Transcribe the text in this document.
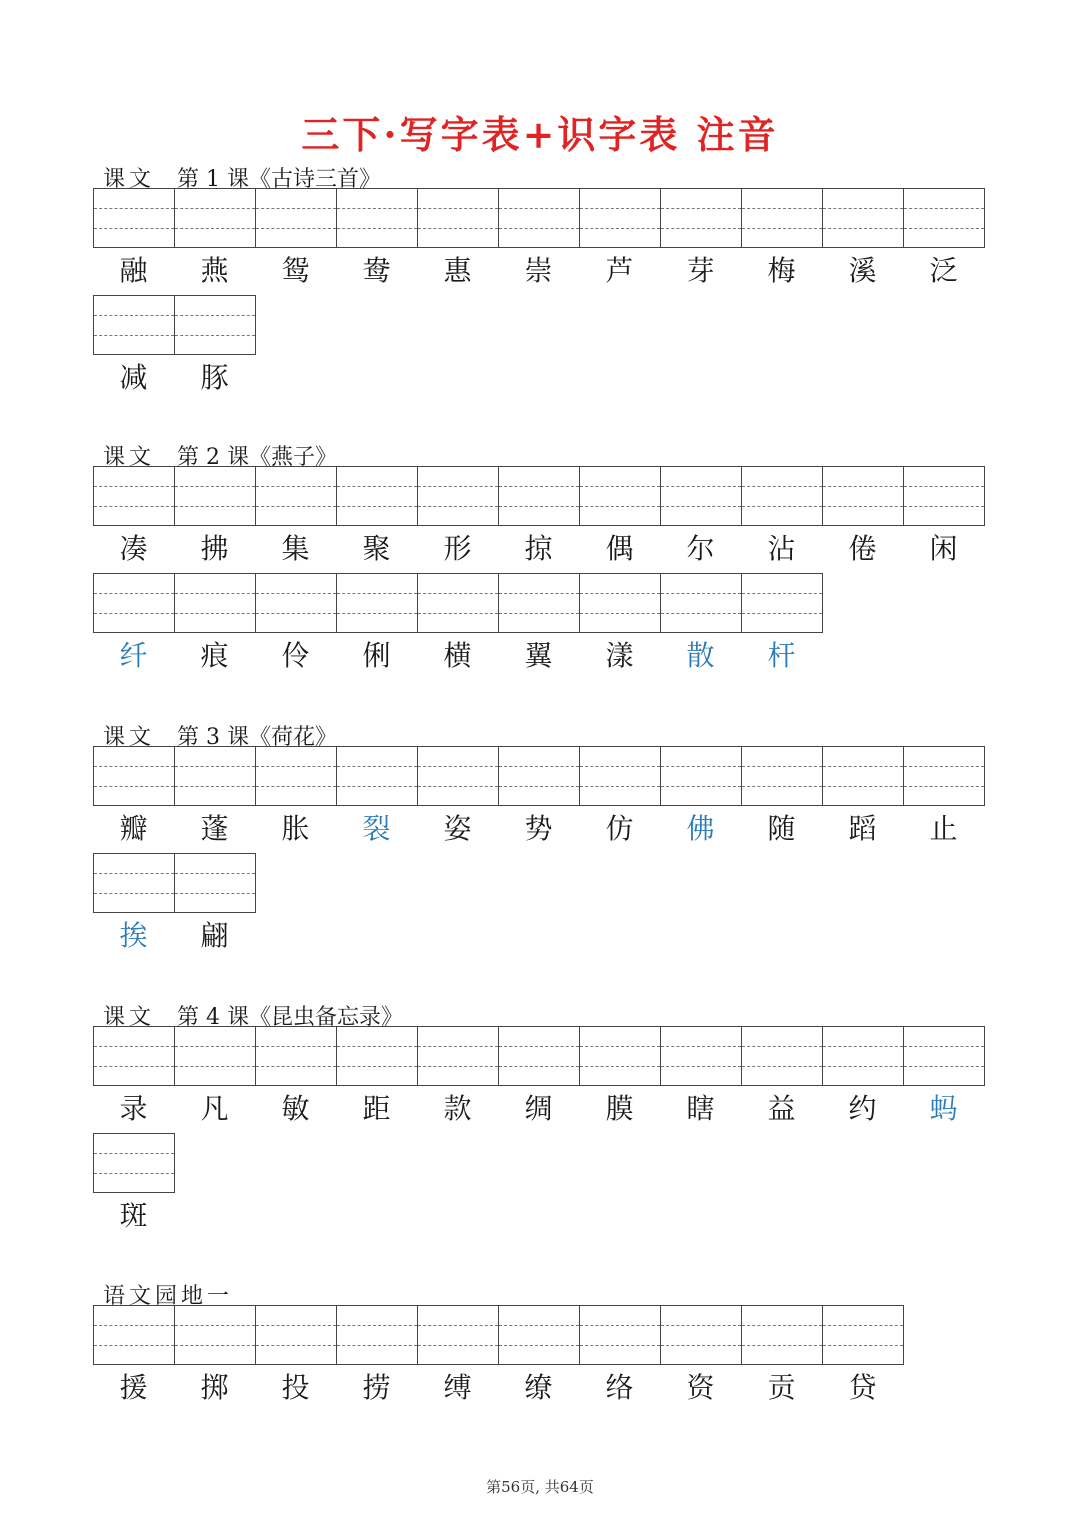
三下·写字表+识字表 注音
课文 第 1 课《古诗三首》
融	燕	鸳	鸯	惠	崇	芦	芽	梅	溪	泛
减	豚
课文 第 2 课《燕子》
凑	拂	集	聚	形	掠	偶	尔	沾	倦	闲
纤	痕	伶	俐	横	翼	漾	散	杆
课文 第 3 课《荷花》
瓣	蓬	胀	裂	姿	势	仿	佛	随	蹈	止
挨	翩
课文 第 4 课《昆虫备忘录》
录	凡	敏	距	款	绸	膜	瞎	益	约	蚂
斑
语文园地一
援	掷	投	捞	缚	缭	络	资	贡	贷
第56页, 共64页
